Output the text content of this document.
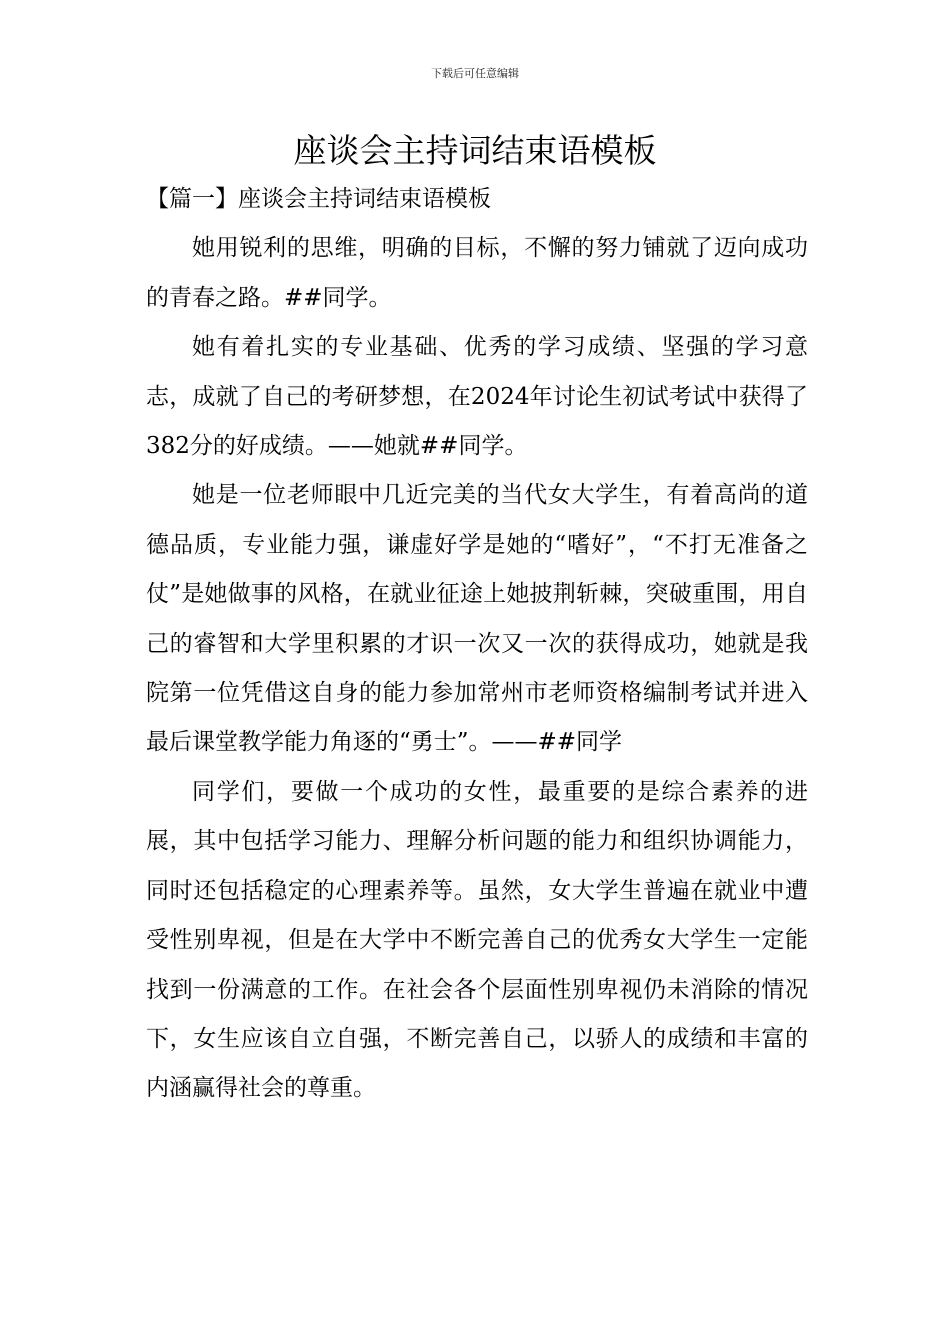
下载后可任意编辑
座谈会主持词结束语模板
【篇一】座谈会主持词结束语模板

她用锐利的思维，明确的目标，不懈的努力铺就了迈向成功的青春之路。##同学。

她有着扎实的专业基础、优秀的学习成绩、坚强的学习意志，成就了自己的考研梦想，在2024年讨论生初试考试中获得了382分的好成绩。——她就##同学。

她是一位老师眼中几近完美的当代女大学生，有着高尚的道德品质，专业能力强，谦虚好学是她的“嗜好”，“不打无准备之仗”是她做事的风格，在就业征途上她披荆斩棘，突破重围，用自己的睿智和大学里积累的才识一次又一次的获得成功，她就是我院第一位凭借这自身的能力参加常州市老师资格编制考试并进入最后课堂教学能力角逐的“勇士”。——##同学

同学们，要做一个成功的女性，最重要的是综合素养的进展，其中包括学习能力、理解分析问题的能力和组织协调能力，同时还包括稳定的心理素养等。虽然，女大学生普遍在就业中遭受性别卑视，但是在大学中不断完善自己的优秀女大学生一定能找到一份满意的工作。在社会各个层面性别卑视仍未消除的情况下，女生应该自立自强，不断完善自己，以骄人的成绩和丰富的内涵赢得社会的尊重。
